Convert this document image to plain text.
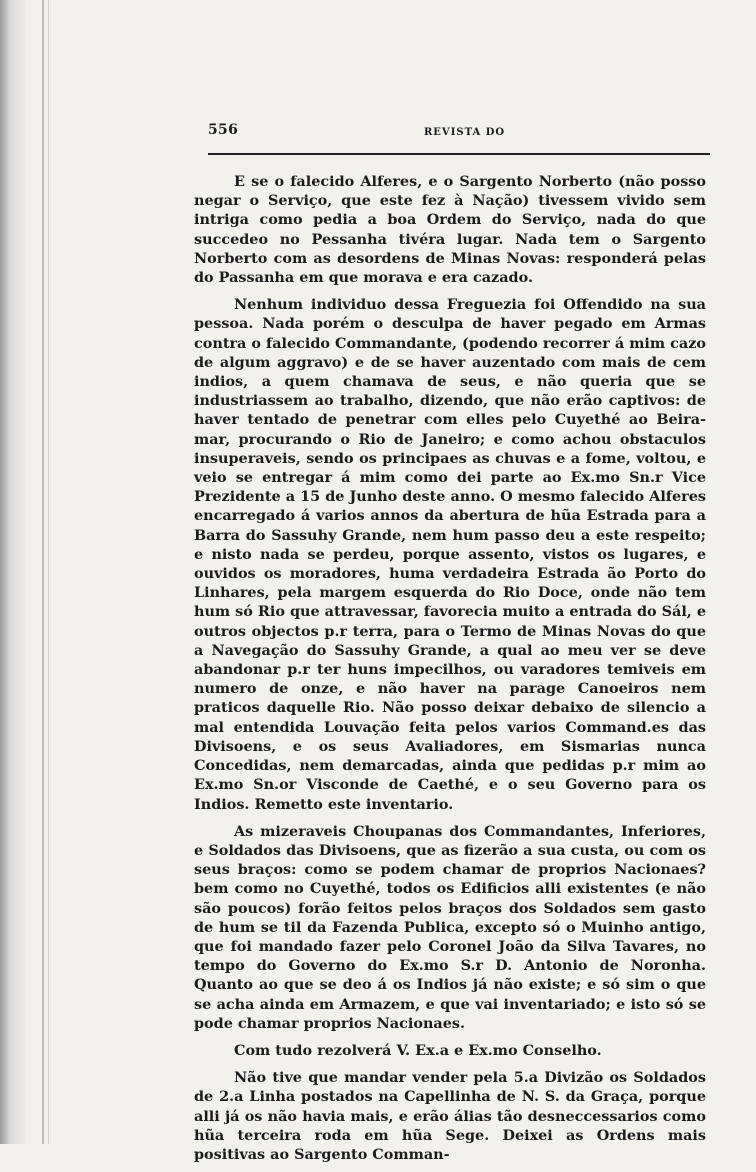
556	REVISTA DO

E se o falecido Alferes, e o Sargento Norberto (não posso negar o Serviço, que este fez à Nação) tivessem vivido sem intriga como pedia a boa Ordem do Serviço, nada do que succedeo no Pessanha tivéra lugar. Nada tem o Sargento Norberto com as desordens de Minas Novas: responderá pelas do Passanha em que morava e era cazado.

Nenhum individuo dessa Freguezia foi Offendido na sua pessoa. Nada porém o desculpa de haver pegado em Armas contra o falecido Commandante, (podendo recorrer á mim cazo de algum aggravo) e de se haver auzentado com mais de cem indios, a quem chamava de seus, e não queria que se industriassem ao trabalho, dizendo, que não erão captivos: de haver tentado de penetrar com elles pelo Cuyethé ao Beira-mar, procurando o Rio de Janeiro; e como achou obstaculos insuperaveis, sendo os principaes as chuvas e a fome, voltou, e veio se entregar á mim como dei parte ao Ex.mo Sn.r Vice Prezidente a 15 de Junho deste anno. O mesmo falecido Alferes encarregado á varios annos da abertura de hũa Estrada para a Barra do Sassuhy Grande, nem hum passo deu a este respeito; e nisto nada se perdeu, porque assento, vistos os lugares, e ouvidos os moradores, huma verdadeira Estrada ão Porto do Linhares, pela margem esquerda do Rio Doce, onde não tem hum só Rio que attravessar, favorecia muito a entrada do Sál, e outros objectos p.r terra, para o Termo de Minas Novas do que a Navegação do Sassuhy Grande, a qual ao meu ver se deve abandonar p.r ter huns impecilhos, ou varadores temiveis em numero de onze, e não haver na parage Canoeiros nem praticos daquelle Rio. Não posso deixar debaixo de silencio a mal entendida Louvação feita pelos varios Command.es das Divisoens, e os seus Avaliadores, em Sismarias nunca Concedidas, nem demarcadas, ainda que pedidas p.r mim ao Ex.mo Sn.or Visconde de Caethé, e o seu Governo para os Indios. Remetto este inventario.

As mizeraveis Choupanas dos Commandantes, Inferiores, e Soldados das Divisoens, que as fizerão a sua custa, ou com os seus braços: como se podem chamar de proprios Nacionaes? bem como no Cuyethé, todos os Edificios alli existentes (e não são poucos) forão feitos pelos braços dos Soldados sem gasto de hum se til da Fazenda Publica, excepto só o Muinho antigo, que foi mandado fazer pelo Coronel João da Silva Tavares, no tempo do Governo do Ex.mo S.r D. Antonio de Noronha. Quanto ao que se deo á os Indios já não existe; e só sim o que se acha ainda em Armazem, e que vai inventariado; e isto só se pode chamar proprios Nacionaes.

Com tudo rezolverá V. Ex.a e Ex.mo Conselho.

Não tive que mandar vender pela 5.a Divizão os Soldados de 2.a Linha postados na Capellinha de N. S. da Graça, porque alli já os não havia mais, e erão álias tão desneccessarios como hũa terceira roda em hũa Sege. Deixei as Ordens mais positivas ao Sargento Comman-
